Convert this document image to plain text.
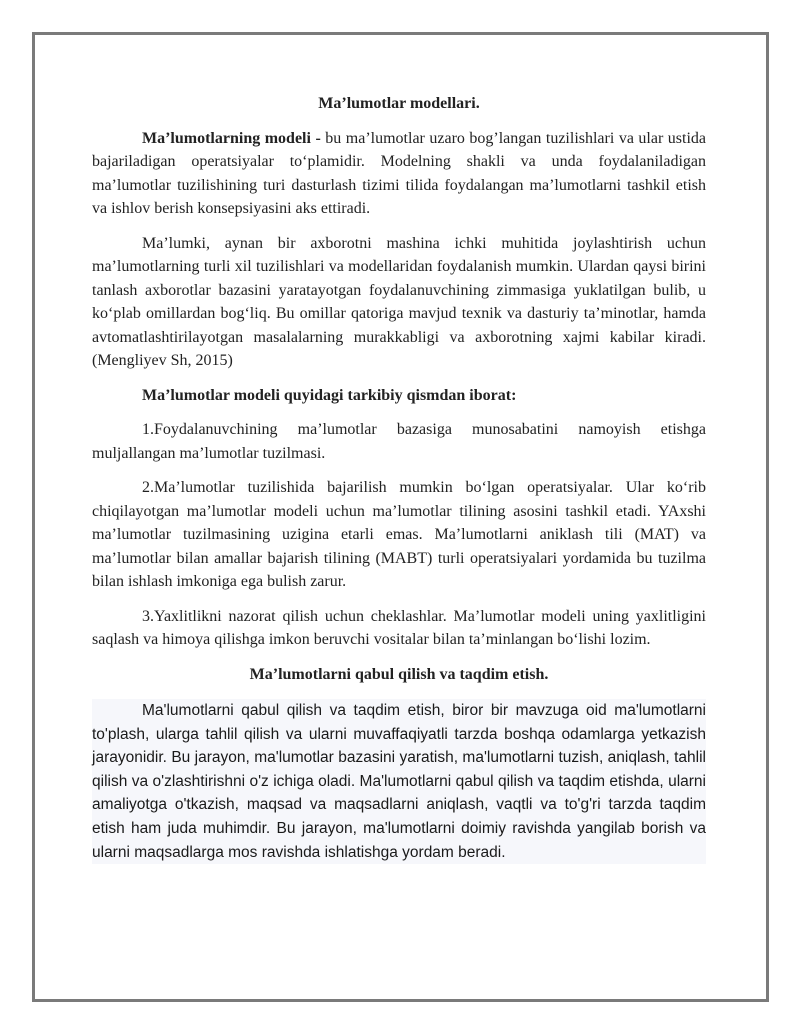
Ma’lumotlar modellari.

Ma’lumotlarning modeli - bu ma’lumotlar uzaro bog’langan tuzilishlari va ular ustida bajariladigan operatsiyalar to‘plamidir. Modelning shakli va unda foydalaniladigan ma’lumotlar tuzilishining turi dasturlash tizimi tilida foydalangan ma’lumotlarni tashkil etish va ishlov berish konsepsiyasini aks ettiradi.

Ma’lumki, aynan bir axborotni mashina ichki muhitida joylashtirish uchun ma’lumotlarning turli xil tuzilishlari va modellaridan foydalanish mumkin. Ulardan qaysi birini tanlash axborotlar bazasini yaratayotgan foydalanuvchining zimmasiga yuklatilgan bulib, u ko‘plab omillardan bog‘liq. Bu omillar qatoriga mavjud texnik va dasturiy ta’minotlar, hamda avtomatlashtirilayotgan masalalarning murakkabligi va axborotning xajmi kabilar kiradi. (Mengliyev Sh, 2015)

Ma’lumotlar modeli quyidagi tarkibiy qismdan iborat:

1.Foydalanuvchining ma’lumotlar bazasiga munosabatini namoyish etishga muljallangan ma’lumotlar tuzilmasi.

2.Ma’lumotlar tuzilishida bajarilish mumkin bo‘lgan operatsiyalar. Ular ko‘rib chiqilayotgan ma’lumotlar modeli uchun ma’lumotlar tilining asosini tashkil etadi. YAxshi ma’lumotlar tuzilmasining uzigina etarli emas. Ma’lumotlarni aniklash tili (MAT) va ma’lumotlar bilan amallar bajarish tilining (MABT) turli operatsiyalari yordamida bu tuzilma bilan ishlash imkoniga ega bulish zarur.

3.Yaxlitlikni nazorat qilish uchun cheklashlar. Ma’lumotlar modeli uning yaxlitligini saqlash va himoya qilishga imkon beruvchi vositalar bilan ta’minlangan bo‘lishi lozim.

Ma’lumotlarni qabul qilish va taqdim etish.

Ma'lumotlarni qabul qilish va taqdim etish, biror bir mavzuga oid ma'lumotlarni to'plash, ularga tahlil qilish va ularni muvaffaqiyatli tarzda boshqa odamlarga yetkazish jarayonidir. Bu jarayon, ma'lumotlar bazasini yaratish, ma'lumotlarni tuzish, aniqlash, tahlil qilish va o'zlashtirishni o'z ichiga oladi. Ma'lumotlarni qabul qilish va taqdim etishda, ularni amaliyotga o'tkazish, maqsad va maqsadlarni aniqlash, vaqtli va to'g'ri tarzda taqdim etish ham juda muhimdir. Bu jarayon, ma'lumotlarni doimiy ravishda yangilab borish va ularni maqsadlarga mos ravishda ishlatishga yordam beradi.
